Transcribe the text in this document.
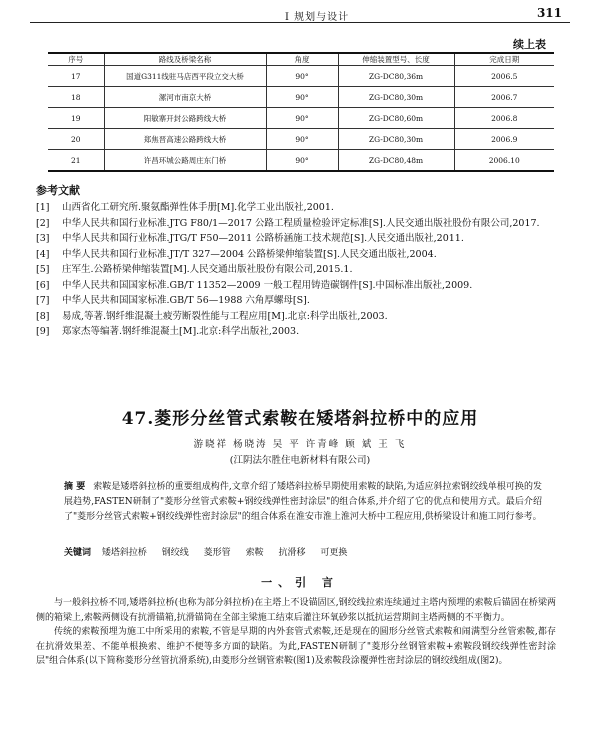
Ⅰ 规划与设计	311
续上表
序号	路线及桥梁名称	角度	伸缩装置型号、长度	完成日期
17	国道G311线驻马店西平段立交大桥	90°	ZG-DC80,36m	2006.5
18	漯河市南京大桥	90°	ZG-DC80,30m	2006.7
19	阳敏寨开封公路跨线大桥	90°	ZG-DC80,60m	2006.8
20	郑焦晋高速公路跨线大桥	90°	ZG-DC80,30m	2006.9
21	许昌环城公路周庄东门桥	90°	ZG-DC80,48m	2006.10
参考文献
[1]	山西省化工研究所.聚氨酯弹性体手册[M].化学工业出版社,2001.
[2]	中华人民共和国行业标准.JTG F80/1—2017 公路工程质量检验评定标准[S].人民交通出版社股份有限公司,2017.
[3]	中华人民共和国行业标准.JTG/T F50—2011 公路桥涵施工技术规范[S].人民交通出版社,2011.
[4]	中华人民共和国行业标准.JT/T 327—2004 公路桥梁伸缩装置[S].人民交通出版社,2004.
[5]	庄军生.公路桥梁伸缩装置[M].人民交通出版社股份有限公司,2015.1.
[6]	中华人民共和国国家标准.GB/T 11352—2009 一般工程用铸造碳钢件[S].中国标准出版社,2009.
[7]	中华人民共和国国家标准.GB/T 56—1988 六角厚螺母[S].
[8]	易成,等著.钢纤维混凝土疲劳断裂性能与工程应用[M].北京:科学出版社,2003.
[9]	郑家杰等编著.钢纤维混凝土[M].北京:科学出版社,2003.
47.菱形分丝管式索鞍在矮塔斜拉桥中的应用
游晓祥 杨晓涛 吴 平 许青峰 顾 斌 王 飞
(江阴法尔胜住电新材料有限公司)
摘 要 索鞍是矮塔斜拉桥的重要组成构件,文章介绍了矮塔斜拉桥早期使用索鞍的缺陷,为适应斜拉索钢绞线单根可换的发展趋势,FASTEN研制了"菱形分丝管式索鞍+钢绞线弹性密封涂层"的组合体系,并介绍了它的优点和使用方式。最后介绍了"菱形分丝管式索鞍+钢绞线弹性密封涂层"的组合体系在淮安市淮上淮河大桥中工程应用,供桥梁设计和施工同行参考。
关键词 矮塔斜拉桥 钢绞线 菱形管 索鞍 抗滑移 可更换
一、引 言

与一般斜拉桥不同,矮塔斜拉桥(也称为部分斜拉桥)在主塔上不设锚固区,钢绞线拉索连续通过主塔内预埋的索鞍后锚固在桥梁两侧的箱梁上,索鞍两侧设有抗滑锚箱,抗滑锚筒在全部主梁施工结束后灌注环氧砂浆以抵抗运营期间主塔两侧的不平衡力。

传统的索鞍预埋为施工中所采用的索鞍,不管是早期的内外套管式索鞍,还是现在的圆形分丝管式索鞍和闹满型分丝管索鞍,都存在抗滑效果差、不能单根换索、维护不便等多方面的缺陷。为此,FASTEN研制了"菱形分丝钢管索鞍+索鞍段钢绞线弹性密封涂层"组合体系(以下简称菱形分丝管抗滑系统),由菱形分丝钢管索鞍(图1)及索鞍段涂覆弹性密封涂层的钢绞线组成(图2)。
